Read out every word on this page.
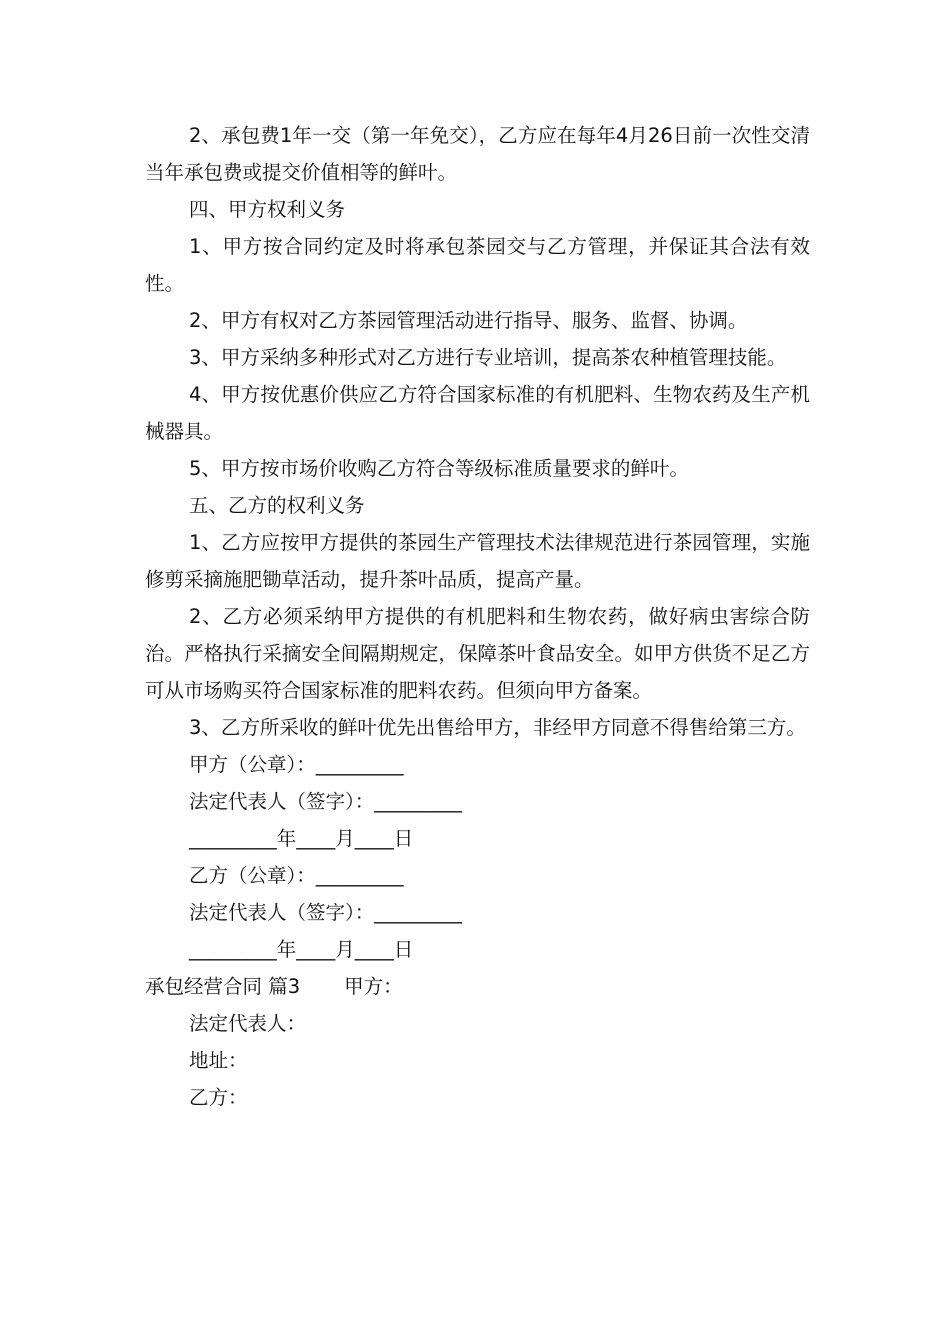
2、承包费1年一交（第一年免交），乙方应在每年4月26日前一次性交清当年承包费或提交价值相等的鲜叶。

四、甲方权利义务

1、甲方按合同约定及时将承包茶园交与乙方管理，并保证其合法有效性。

2、甲方有权对乙方茶园管理活动进行指导、服务、监督、协调。

3、甲方采纳多种形式对乙方进行专业培训，提高茶农种植管理技能。

4、甲方按优惠价供应乙方符合国家标准的有机肥料、生物农药及生产机械器具。

5、甲方按市场价收购乙方符合等级标准质量要求的鲜叶。

五、乙方的权利义务

1、乙方应按甲方提供的茶园生产管理技术法律规范进行茶园管理，实施修剪采摘施肥锄草活动，提升茶叶品质，提高产量。

2、乙方必须采纳甲方提供的有机肥料和生物农药，做好病虫害综合防治。严格执行采摘安全间隔期规定，保障茶叶食品安全。如甲方供货不足乙方可从市场购买符合国家标准的肥料农药。但须向甲方备案。

3、乙方所采收的鲜叶优先出售给甲方，非经甲方同意不得售给第三方。

甲方（公章）：_________

法定代表人（签字）：_________

_________年____月____日

乙方（公章）：_________

法定代表人（签字）：_________

_________年____月____日

承包经营合同 篇3 甲方：

法定代表人：

地址：

乙方：
